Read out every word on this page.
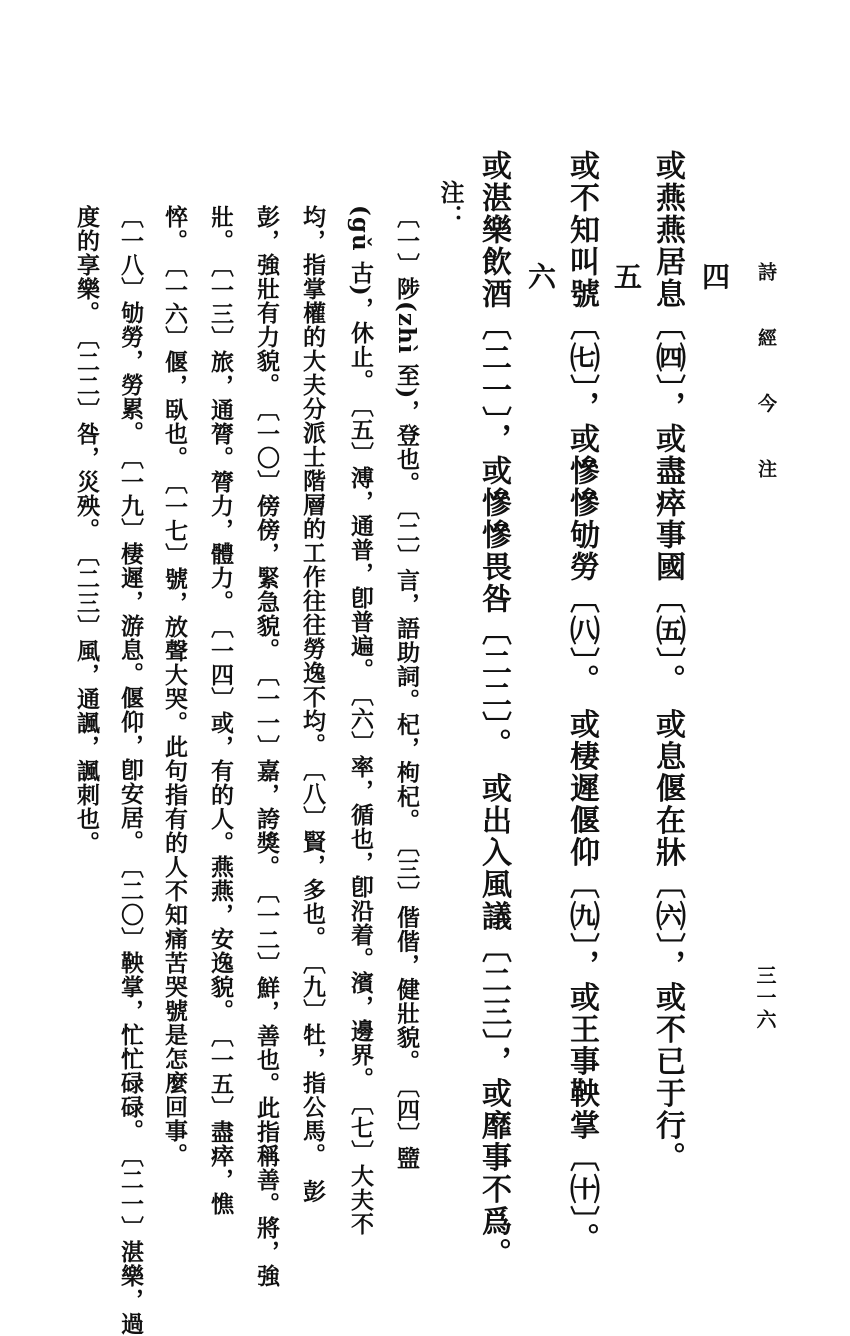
詩 經 今 注
三一六
四
五
六	或燕燕居息〔㈣〕，或盡瘁事國〔㈤〕。 或息偃在牀〔㈥〕，或不已于行。
或不知叫號〔㈦〕，或慘慘劬勞〔㈧〕。 或棲遲偃仰〔㈨〕，或王事鞅掌〔㈩〕。
或湛樂飲酒〔二一〕，或慘慘畏咎〔二二〕。 或出入風議〔二三〕，或靡事不爲。
注：
〔一〕陟(zhì 至)，登也。　〔二〕言，語助詞。杞，枸杞。　〔三〕偕偕，健壯貌。　〔四〕盬
(gǔ 古)，休止。　〔五〕溥，通普，卽普遍。　〔六〕率，循也，卽沿着。濱，邊界。　〔七〕大夫不
均，指掌權的大夫分派士階層的工作往往勞逸不均。　〔八〕賢，多也。　〔九〕牡，指公馬。　彭
彭，強壯有力貌。　〔一〇〕傍傍，緊急貌。　〔一一〕嘉，誇獎。　〔一二〕鮮，善也。此指稱善。將，強
壯。　〔一三〕旅，通膂。膂力，體力。　〔一四〕或，有的人。燕燕，安逸貌。　〔一五〕盡瘁，憔
悴。　〔一六〕偃，臥也。　〔一七〕號，放聲大哭。此句指有的人不知痛苦哭號是怎麼回事。
〔一八〕劬勞，勞累。　〔一九〕棲遲，游息。偃仰，卽安居。　〔二〇〕鞅掌，忙忙碌碌。　〔二一〕湛樂，過
度的享樂。　〔二二〕咎，災殃。　〔二三〕風，通諷，諷刺也。
